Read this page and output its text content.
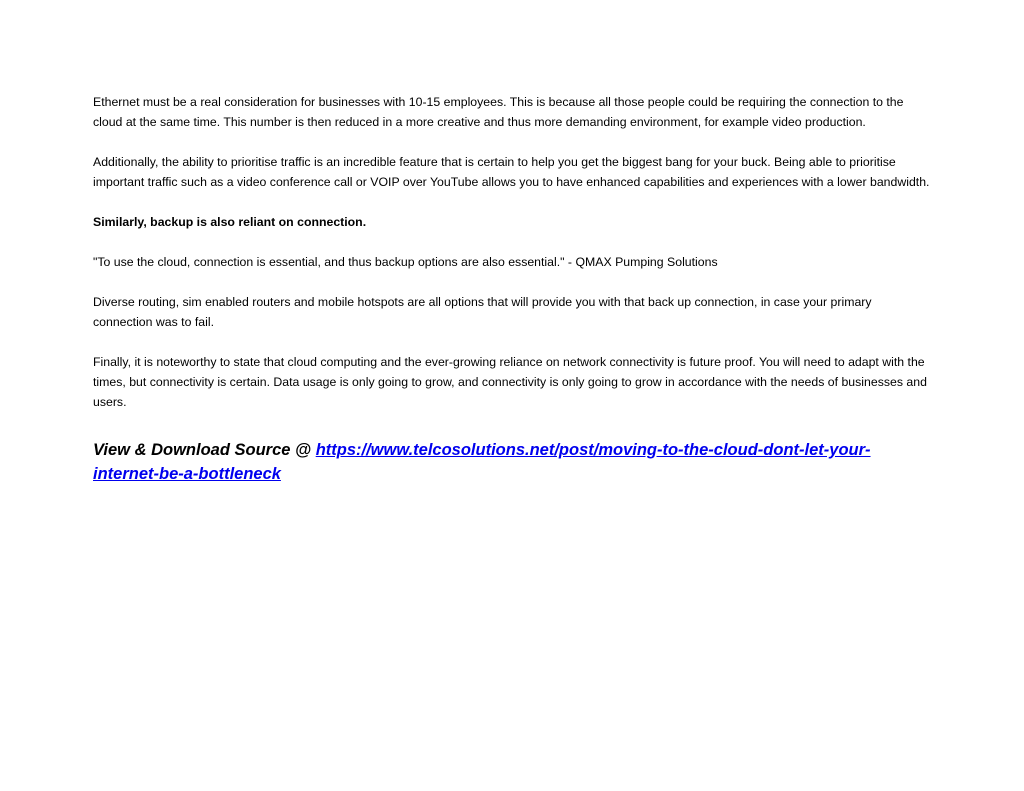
Ethernet must be a real consideration for businesses with 10-15 employees. This is because all those people could be requiring the connection to the cloud at the same time. This number is then reduced in a more creative and thus more demanding environment, for example video production.

Additionally, the ability to prioritise traffic is an incredible feature that is certain to help you get the biggest bang for your buck. Being able to prioritise important traffic such as a video conference call or VOIP over YouTube allows you to have enhanced capabilities and experiences with a lower bandwidth.

Similarly, backup is also reliant on connection.

"To use the cloud, connection is essential, and thus backup options are also essential." - QMAX Pumping Solutions

Diverse routing, sim enabled routers and mobile hotspots are all options that will provide you with that back up connection, in case your primary connection was to fail.

Finally, it is noteworthy to state that cloud computing and the ever-growing reliance on network connectivity is future proof. You will need to adapt with the times, but connectivity is certain. Data usage is only going to grow, and connectivity is only going to grow in accordance with the needs of businesses and users.

View & Download Source @ https://www.telcosolutions.net/post/moving-to-the-cloud-dont-let-your-internet-be-a-bottleneck
